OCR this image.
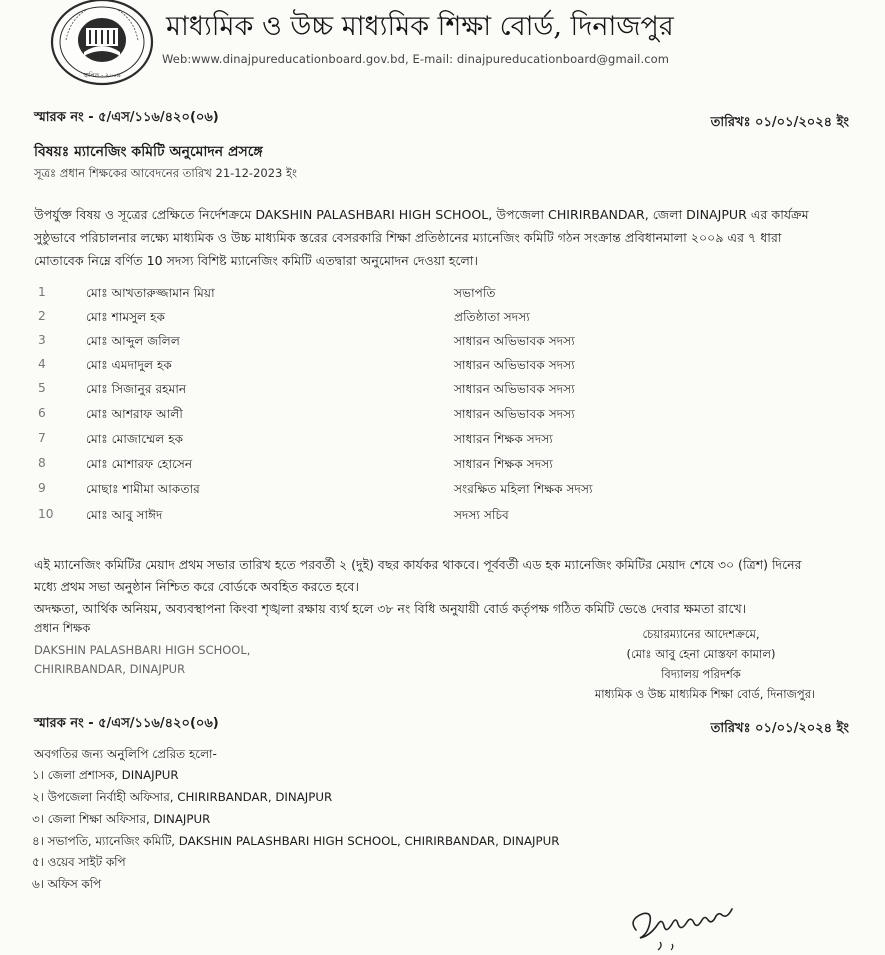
স্থাপিত - ২০০৯
মাধ্যমিক ও উচ্চ মাধ্যমিক শিক্ষা বোর্ড, দিনাজপুর
Web:www.dinajpureducationboard.gov.bd, E-mail: dinajpureducationboard@gmail.com
স্মারক নং - ৫/এস/১১৬/৪২০(০৬)	তারিখঃ ০১/০১/২০২৪ ইং
বিষয়ঃ ম্যানেজিং কমিটি অনুমোদন প্রসঙ্গে
সূত্রঃ প্রধান শিক্ষকের আবেদনের তারিখ 21-12-2023 ইং
উপর্যুক্ত বিষয় ও সূত্রের প্রেক্ষিতে নির্দেশক্রমে DAKSHIN PALASHBARI HIGH SCHOOL, উপজেলা CHIRIRBANDAR, জেলা DINAJPUR এর কার্যক্রম
সুষ্ঠুভাবে পরিচালনার লক্ষ্যে মাধ্যমিক ও উচ্চ মাধ্যমিক স্তরের বেসরকারি শিক্ষা প্রতিষ্ঠানের ম্যানেজিং কমিটি গঠন সংক্রান্ত প্রবিধানমালা ২০০৯ এর ৭ ধারা
মোতাবেক নিম্নে বর্ণিত 10 সদস্য বিশিষ্ট ম্যানেজিং কমিটি এতদ্বারা অনুমোদন দেওয়া হলো।
1	মোঃ আখতারুজ্জামান মিয়া	সভাপতি
2	মোঃ শামসুল হক	প্রতিষ্ঠাতা সদস্য
3	মোঃ আব্দুল জলিল	সাধারন অভিভাবক সদস্য
4	মোঃ এমদাদুল হক	সাধারন অভিভাবক সদস্য
5	মোঃ সিজানুর রহমান	সাধারন অভিভাবক সদস্য
6	মোঃ আশরাফ আলী	সাধারন অভিভাবক সদস্য
7	মোঃ মোজাম্মেল হক	সাধারন শিক্ষক সদস্য
8	মোঃ মোশারফ হোসেন	সাধারন শিক্ষক সদস্য
9	মোছাঃ শামীমা আকতার	সংরক্ষিত মহিলা শিক্ষক সদস্য
10	মোঃ আবু সাঈদ	সদস্য সচিব
এই ম্যানেজিং কমিটির মেয়াদ প্রথম সভার তারিখ হতে পরবর্তী ২ (দুই) বছর কার্যকর থাকবে। পূর্ববর্তী এড হক ম্যানেজিং কমিটির মেয়াদ শেষে ৩০ (ত্রিশ) দিনের
মধ্যে প্রথম সভা অনুষ্ঠান নিশ্চিত করে বোর্ডকে অবহিত করতে হবে।
অদক্ষতা, আর্থিক অনিয়ম, অব্যবস্থাপনা কিংবা শৃঙ্খলা রক্ষায় ব্যর্থ হলে ৩৮ নং বিধি অনুযায়ী বোর্ড কর্তৃপক্ষ গঠিত কমিটি ভেঙে দেবার ক্ষমতা রাখে।
প্রধান শিক্ষক
DAKSHIN PALASHBARI HIGH SCHOOL,
CHIRIRBANDAR, DINAJPUR
চেয়ারম্যানের আদেশক্রমে,
(মোঃ আবু হেনা মোস্তফা কামাল)
বিদ্যালয় পরিদর্শক
মাধ্যমিক ও উচ্চ মাধ্যমিক শিক্ষা বোর্ড, দিনাজপুর।
স্মারক নং - ৫/এস/১১৬/৪২০(০৬)	তারিখঃ ০১/০১/২০২৪ ইং
অবগতির জন্য অনুলিপি প্রেরিত হলো-
১। জেলা প্রশাসক, DINAJPUR
২। উপজেলা নির্বাহী অফিসার, CHIRIRBANDAR, DINAJPUR
৩। জেলা শিক্ষা অফিসার, DINAJPUR
৪। সভাপতি, ম্যানেজিং কমিটি, DAKSHIN PALASHBARI HIGH SCHOOL, CHIRIRBANDAR, DINAJPUR
৫। ওয়েব সাইট কপি
৬। অফিস কপি
